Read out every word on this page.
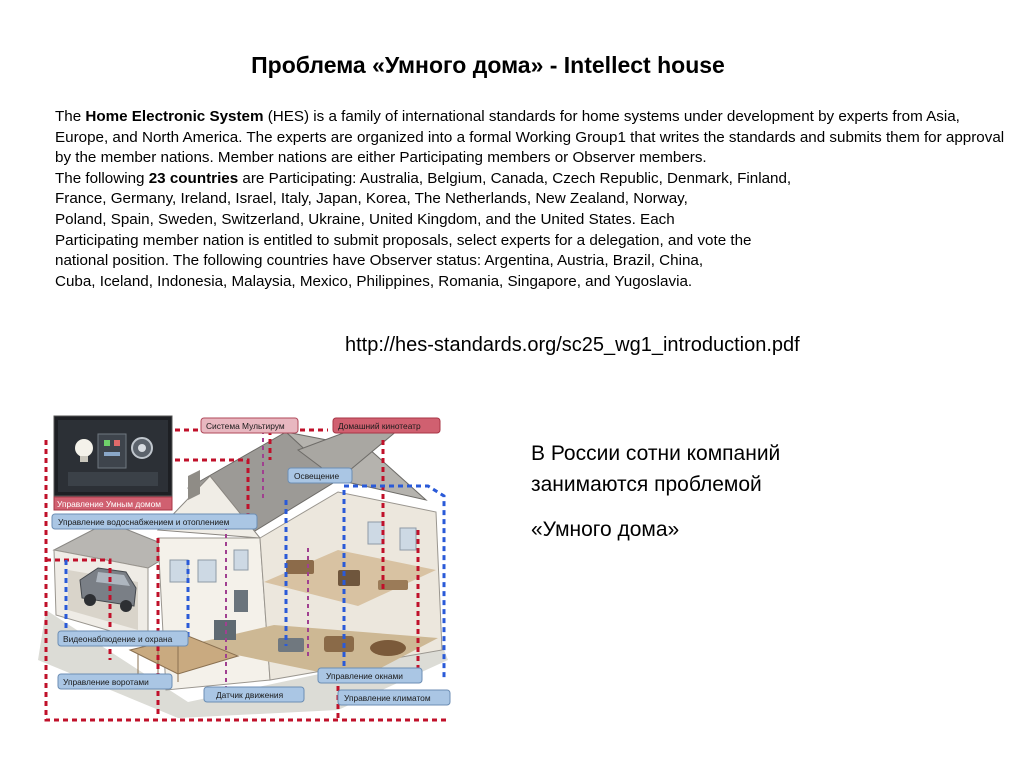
Проблема «Умного дома» - Intellect house

The Home Electronic System (HES) is a family of international standards for home systems under development by experts from Asia, Europe, and North America. The experts are organized into a formal Working Group1 that writes the standards and submits them for approval by the member nations. Member nations are either Participating members or Observer members.

The following 23 countries are Participating: Australia, Belgium, Canada, Czech Republic, Denmark, Finland,
France, Germany, Ireland, Israel, Italy, Japan, Korea, The Netherlands, New Zealand, Norway,
Poland, Spain, Sweden, Switzerland, Ukraine, United Kingdom, and the United States. Each
Participating member nation is entitled to submit proposals, select experts for a delegation, and vote the
national position. The following countries have Observer status: Argentina, Austria, Brazil, China,
Cuba, Iceland, Indonesia, Malaysia, Mexico, Philippines, Romania, Singapore, and Yugoslavia.

http://hes-standards.org/sc25_wg1_introduction.pdf
Управление Умным домом
Система Мультирум	Домашний кинотеатр
Освещение
Управление водоснабжением и отоплением
Видеонаблюдение и охрана
Управление воротами
Датчик движения
Управление окнами
Управление климатом
В России сотни компаний
занимаются проблемой
«Умного дома»
